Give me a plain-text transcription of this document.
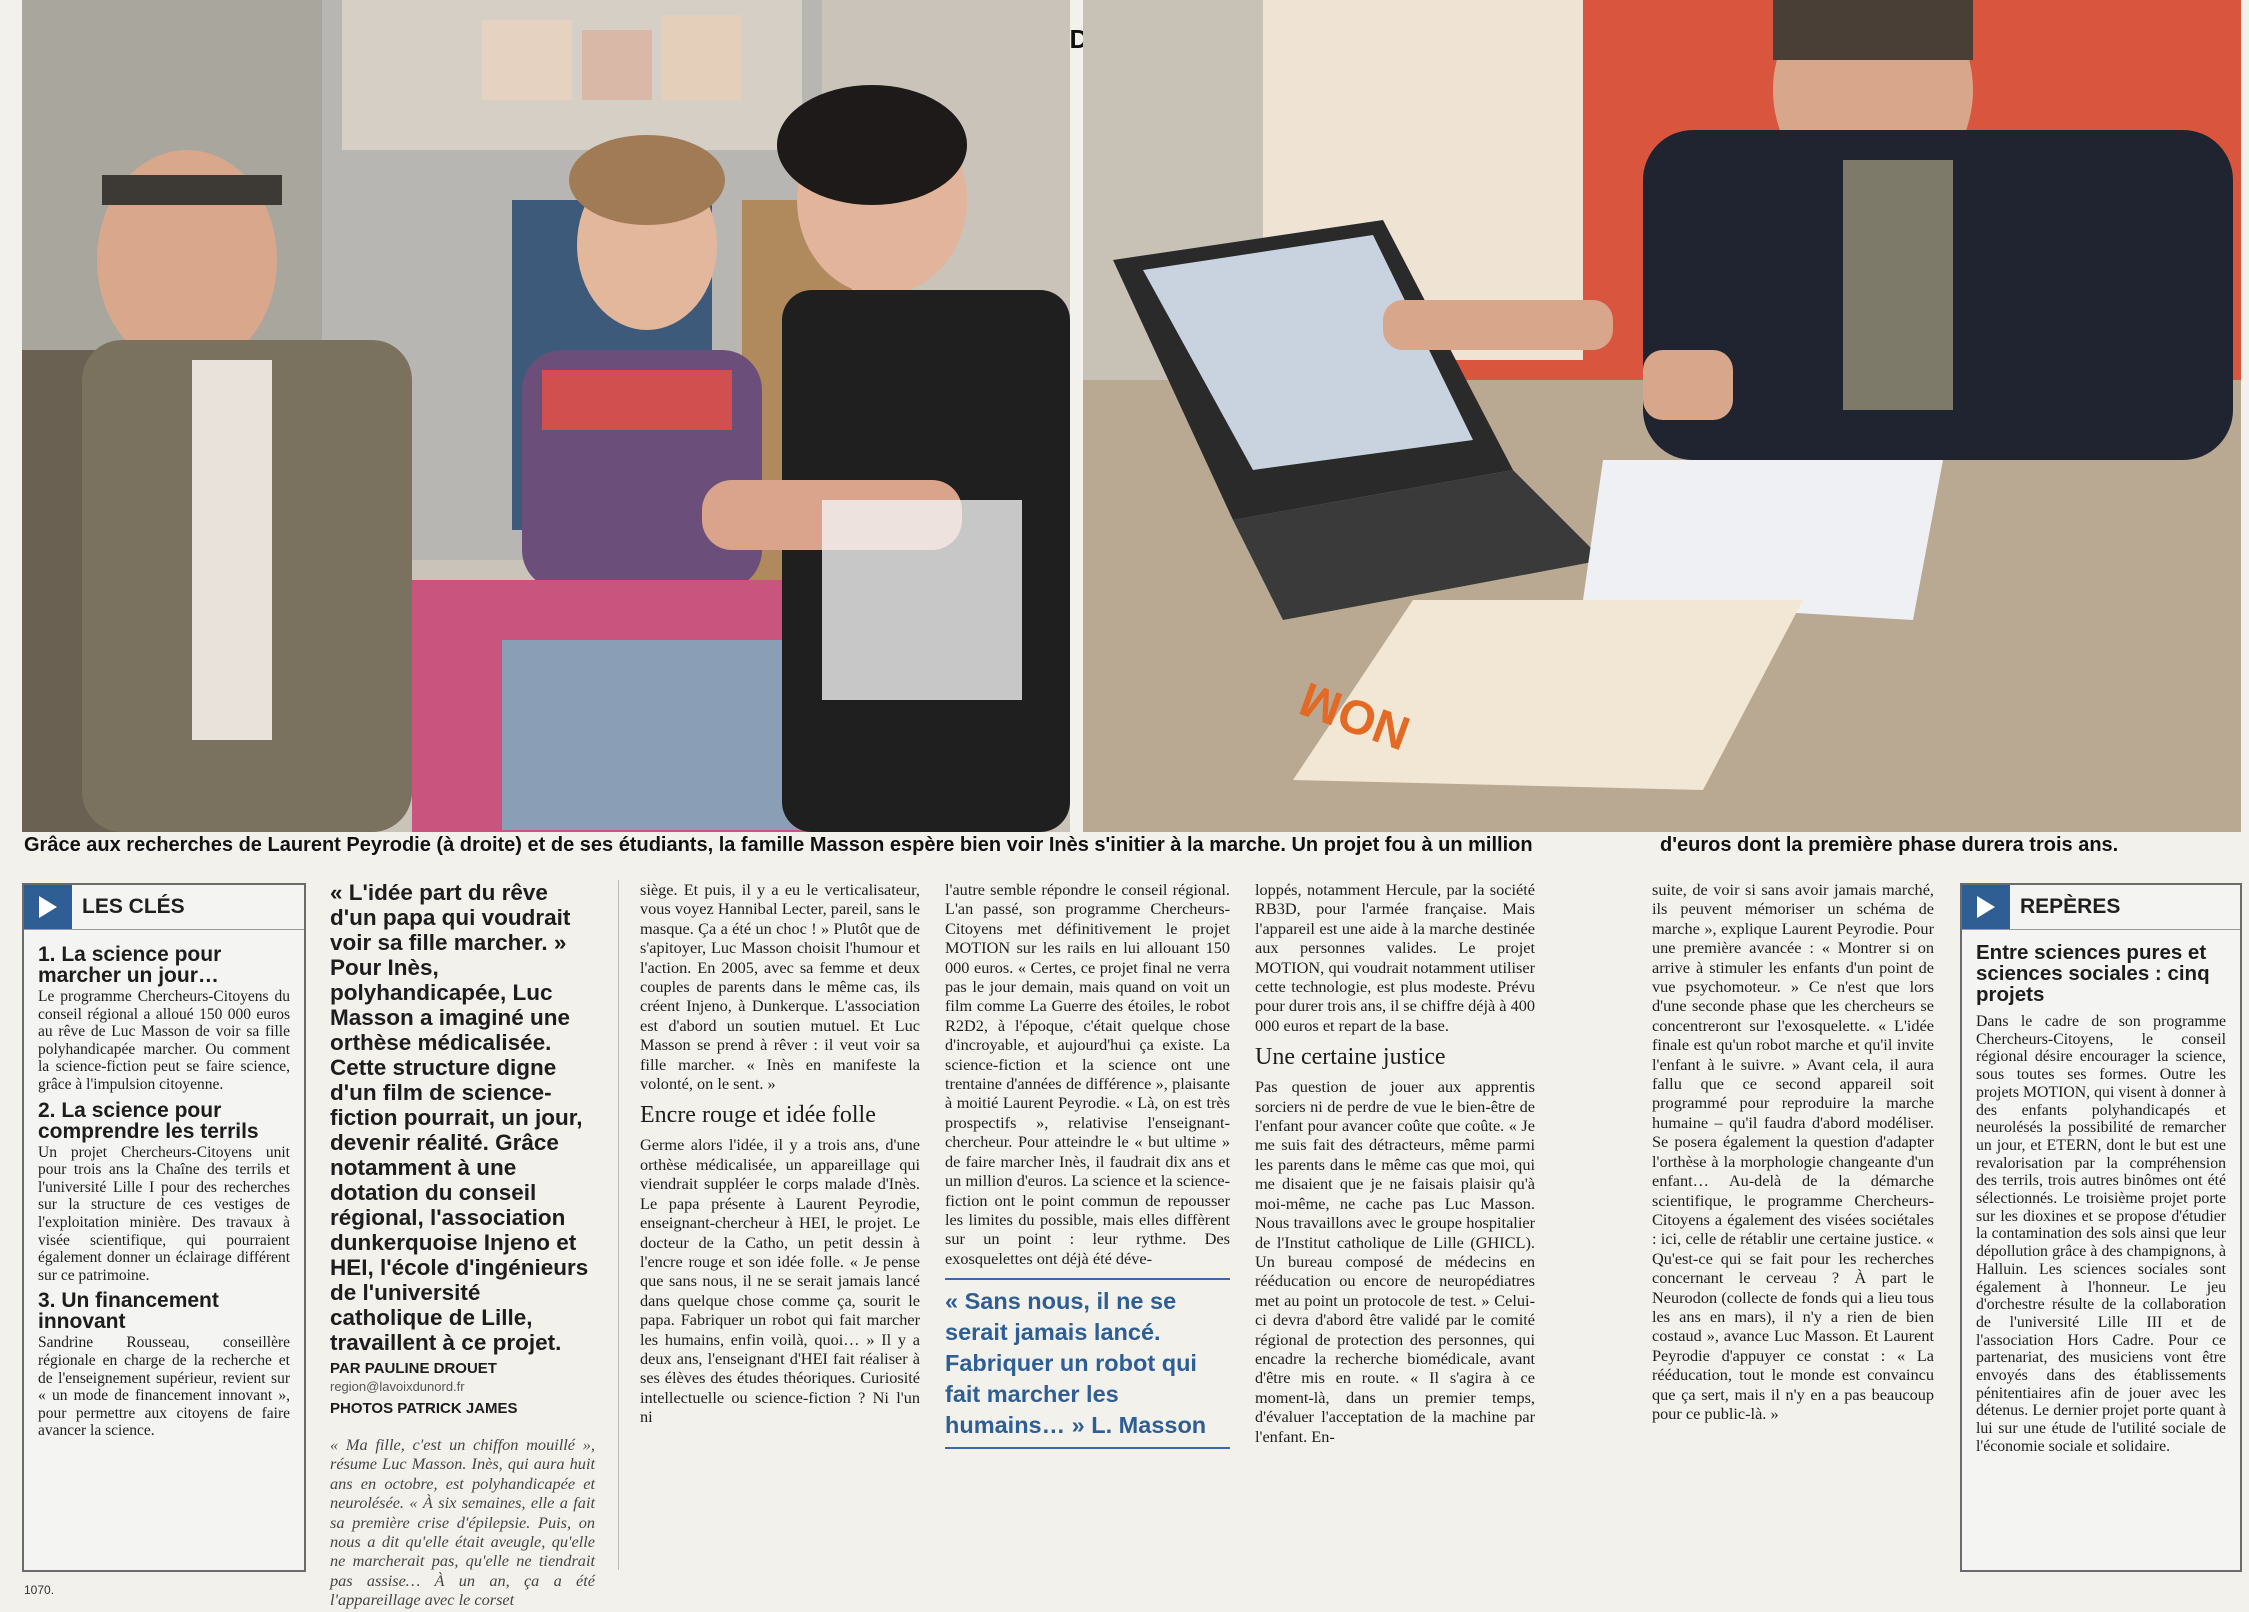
VDN
NOM
Grâce aux recherches de Laurent Peyrodie (à droite) et de ses étudiants, la famille Masson espère bien voir Inès s'initier à la marche. Un projet fou à un million	d'euros dont la première phase durera trois ans.
LES CLÉS
1. La science pour marcher un jour…

Le programme Chercheurs-Citoyens du conseil régional a alloué 150 000 euros au rêve de Luc Masson de voir sa fille polyhandicapée marcher. Ou comment la science-fiction peut se faire science, grâce à l'impulsion citoyenne.

2. La science pour comprendre les terrils

Un projet Chercheurs-Citoyens unit pour trois ans la Chaîne des terrils et l'université Lille I pour des recherches sur la structure de ces vestiges de l'exploitation minière. Des travaux à visée scientifique, qui pourraient également donner un éclairage différent sur ce patrimoine.

3. Un financement innovant

Sandrine Rousseau, conseillère régionale en charge de la recherche et de l'enseignement supérieur, revient sur « un mode de financement innovant », pour permettre aux citoyens de faire avancer la science.

« L'idée part du rêve d'un papa qui voudrait voir sa fille marcher. » Pour Inès, polyhandicapée, Luc Masson a imaginé une orthèse médicalisée. Cette structure digne d'un film de science-fiction pourrait, un jour, devenir réalité. Grâce notamment à une dotation du conseil régional, l'association dunkerquoise Injeno et HEI, l'école d'ingénieurs de l'université catholique de Lille, travaillent à ce projet.

PAR PAULINE DROUET
region@lavoixdunord.fr
PHOTOS PATRICK JAMES

« Ma fille, c'est un chiffon mouillé », résume Luc Masson. Inès, qui aura huit ans en octobre, est polyhandicapée et neurolésée. « À six semaines, elle a fait sa première crise d'épilepsie. Puis, on nous a dit qu'elle était aveugle, qu'elle ne marcherait pas, qu'elle ne tiendrait pas assise… À un an, ça a été l'appareillage avec le corset

siège. Et puis, il y a eu le verticalisateur, vous voyez Hannibal Lecter, pareil, sans le masque. Ça a été un choc ! » Plutôt que de s'apitoyer, Luc Masson choisit l'humour et l'action. En 2005, avec sa femme et deux couples de parents dans le même cas, ils créent Injeno, à Dunkerque. L'association est d'abord un soutien mutuel. Et Luc Masson se prend à rêver : il veut voir sa fille marcher. « Inès en manifeste la volonté, on le sent. »

Encre rouge et idée folle

Germe alors l'idée, il y a trois ans, d'une orthèse médicalisée, un appareillage qui viendrait suppléer le corps malade d'Inès. Le papa présente à Laurent Peyrodie, enseignant-chercheur à HEI, le projet. Le docteur de la Catho, un petit dessin à l'encre rouge et son idée folle. « Je pense que sans nous, il ne se serait jamais lancé dans quelque chose comme ça, sourit le papa. Fabriquer un robot qui fait marcher les humains, enfin voilà, quoi… » Il y a deux ans, l'enseignant d'HEI fait réaliser à ses élèves des études théoriques. Curiosité intellectuelle ou science-fiction ? Ni l'un ni

l'autre semble répondre le conseil régional. L'an passé, son programme Chercheurs-Citoyens met définitivement le projet MOTION sur les rails en lui allouant 150 000 euros. « Certes, ce projet final ne verra pas le jour demain, mais quand on voit un film comme La Guerre des étoiles, le robot R2D2, à l'époque, c'était quelque chose d'incroyable, et aujourd'hui ça existe. La science-fiction et la science ont une trentaine d'années de différence », plaisante à moitié Laurent Peyrodie. « Là, on est très prospectifs », relativise l'enseignant-chercheur. Pour atteindre le « but ultime » de faire marcher Inès, il faudrait dix ans et un million d'euros. La science et la science-fiction ont le point commun de repousser les limites du possible, mais elles diffèrent sur un point : leur rythme. Des exosquelettes ont déjà été déve-

« Sans nous, il ne se serait jamais lancé. Fabriquer un robot qui fait marcher les humains… » L. Masson

loppés, notamment Hercule, par la société RB3D, pour l'armée française. Mais l'appareil est une aide à la marche destinée aux personnes valides. Le projet MOTION, qui voudrait notamment utiliser cette technologie, est plus modeste. Prévu pour durer trois ans, il se chiffre déjà à 400 000 euros et repart de la base.

Une certaine justice

Pas question de jouer aux apprentis sorciers ni de perdre de vue le bien-être de l'enfant pour avancer coûte que coûte. « Je me suis fait des détracteurs, même parmi les parents dans le même cas que moi, qui me disaient que je ne faisais plaisir qu'à moi-même, ne cache pas Luc Masson. Nous travaillons avec le groupe hospitalier de l'Institut catholique de Lille (GHICL). Un bureau composé de médecins en rééducation ou encore de neuropédiatres met au point un protocole de test. » Celui-ci devra d'abord être validé par le comité régional de protection des personnes, qui encadre la recherche biomédicale, avant d'être mis en route. « Il s'agira à ce moment-là, dans un premier temps, d'évaluer l'acceptation de la machine par l'enfant. En-

suite, de voir si sans avoir jamais marché, ils peuvent mémoriser un schéma de marche », explique Laurent Peyrodie. Pour une première avancée : « Montrer si on arrive à stimuler les enfants d'un point de vue psychomoteur. » Ce n'est que lors d'une seconde phase que les chercheurs se concentreront sur l'exosquelette. « L'idée finale est qu'un robot marche et qu'il invite l'enfant à le suivre. » Avant cela, il aura fallu que ce second appareil soit programmé pour reproduire la marche humaine – qu'il faudra d'abord modéliser. Se posera également la question d'adapter l'orthèse à la morphologie changeante d'un enfant… Au-delà de la démarche scientifique, le programme Chercheurs-Citoyens a également des visées sociétales : ici, celle de rétablir une certaine justice. « Qu'est-ce qui se fait pour les recherches concernant le cerveau ? À part le Neurodon (collecte de fonds qui a lieu tous les ans en mars), il n'y a rien de bien costaud », avance Luc Masson. Et Laurent Peyrodie d'appuyer ce constat : « La rééducation, tout le monde est convaincu que ça sert, mais il n'y en a pas beaucoup pour ce public-là. »

REPÈRES
Entre sciences pures et sciences sociales : cinq projets

Dans le cadre de son programme Chercheurs-Citoyens, le conseil régional désire encourager la science, sous toutes ses formes. Outre les projets MOTION, qui visent à donner à des enfants polyhandicapés et neurolésés la possibilité de remarcher un jour, et ETERN, dont le but est une revalorisation par la compréhension des terrils, trois autres binômes ont été sélectionnés. Le troisième projet porte sur les dioxines et se propose d'étudier la contamination des sols ainsi que leur dépollution grâce à des champignons, à Halluin. Les sciences sociales sont également à l'honneur. Le jeu d'orchestre résulte de la collaboration de l'université Lille III et de l'association Hors Cadre. Pour ce partenariat, des musiciens vont être envoyés dans des établissements pénitentiaires afin de jouer avec les détenus. Le dernier projet porte quant à lui sur une étude de l'utilité sociale de l'économie sociale et solidaire.

1070.
